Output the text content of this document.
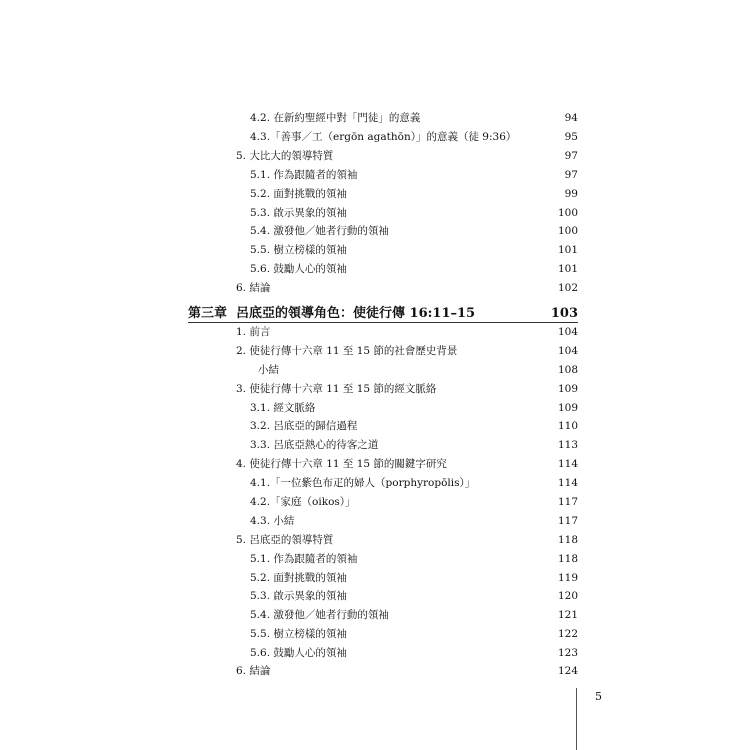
4.2. 在新約聖經中對「門徒」的意義	94
4.3.「善事／工（ergōn agathōn）」的意義（徒 9:36）	95
5. 大比大的領導特質	97
5.1. 作為跟隨者的領袖	97
5.2. 面對挑戰的領袖	99
5.3. 啟示異象的領袖	100
5.4. 激發他／她者行動的領袖	100
5.5. 樹立榜樣的領袖	101
5.6. 鼓勵人心的領袖	101
6. 結論	102
第三章 呂底亞的領導角色：使徒行傳 16:11–15	103
1. 前言	104
2. 使徒行傳十六章 11 至 15 節的社會歷史背景	104
小結	108
3. 使徒行傳十六章 11 至 15 節的經文脈絡	109
3.1. 經文脈絡	109
3.2. 呂底亞的歸信過程	110
3.3. 呂底亞熱心的待客之道	113
4. 使徒行傳十六章 11 至 15 節的關鍵字研究	114
4.1.「一位紫色布疋的婦人（porphyropōlis）」	114
4.2.「家庭（oikos）」	117
4.3. 小結	117
5. 呂底亞的領導特質	118
5.1. 作為跟隨者的領袖	118
5.2. 面對挑戰的領袖	119
5.3. 啟示異象的領袖	120
5.4. 激發他／她者行動的領袖	121
5.5. 樹立榜樣的領袖	122
5.6. 鼓勵人心的領袖	123
6. 結論	124
5
